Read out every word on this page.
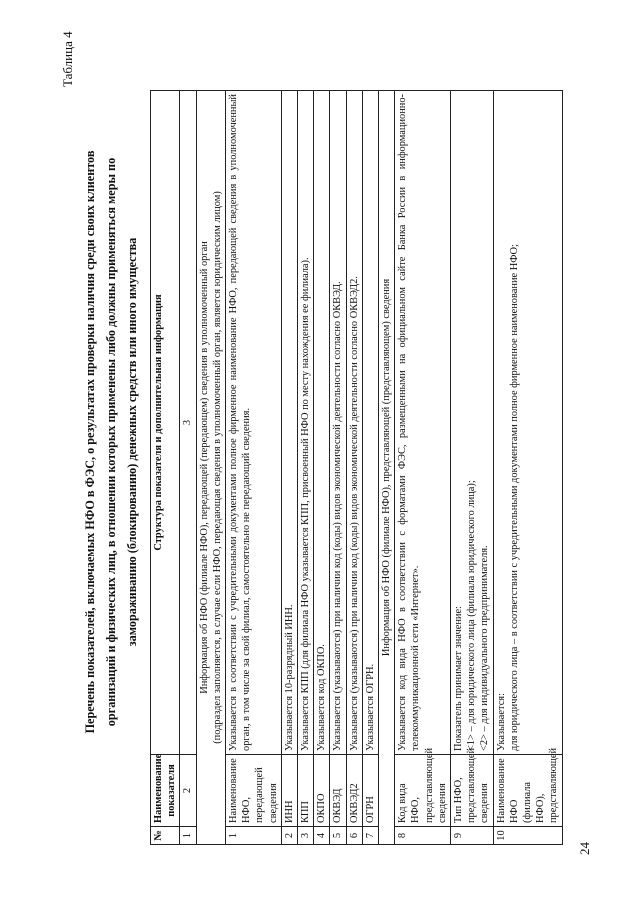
24
Таблица 4
Перечень показателей, включаемых НФО в ФЭС, о результатах проверки наличия среди своих клиентов организаций и физических лиц, в отношении которых применены либо должны применяться меры по замораживанию (блокированию) денежных средств или иного имущества
№	Наименование показателя	Структура показателя и дополнительная информация
1	2	3
Информация об НФО (филиале НФО), передающей (передающем) сведения в уполномоченный орган (подраздел заполняется, в случае если НФО, передающая сведения в уполномоченный орган, является юридическим лицом)		

1	Наименование НФО, передающей сведения	Указывается в соответствии с учредительными документами полное фирменное наименование НФО, передающей сведения в уполномоченный орган, в том числе за свой филиал, самостоятельно не передающий сведения.
2	ИНН	Указывается 10-разрядный ИНН.
3	КПП	Указывается КПП (для филиала НФО указывается КПП, присвоенный НФО по месту нахождения ее филиала).
4	ОКПО	Указывается код ОКПО.
5	ОКВЭД	Указывается (указываются) при наличии код (коды) видов экономической деятельности согласно ОКВЭД.
6	ОКВЭД2	Указывается (указываются) при наличии код (коды) видов экономической деятельности согласно ОКВЭД2.
7	ОГРН	Указывается ОГРН.
Информация об НФО (филиале НФО), представляющей (представляющем) сведения		
8	Код вида НФО, представляющей сведения	Указывается код вида НФО в соответствии с форматами ФЭС, размещенными на официальном сайте Банка России в информационно-телекоммуникационной сети «Интернет».
9	Тип НФО, представляющей сведения	Показатель принимает значение: <1> – для юридического лица (филиала юридического лица); <2> – для индивидуального предпринимателя.

10	Наименование НФО (филиала НФО), представляющей	Указывается: для юридического лица – в соответствии с учредительными документами полное фирменное наименование НФО;
